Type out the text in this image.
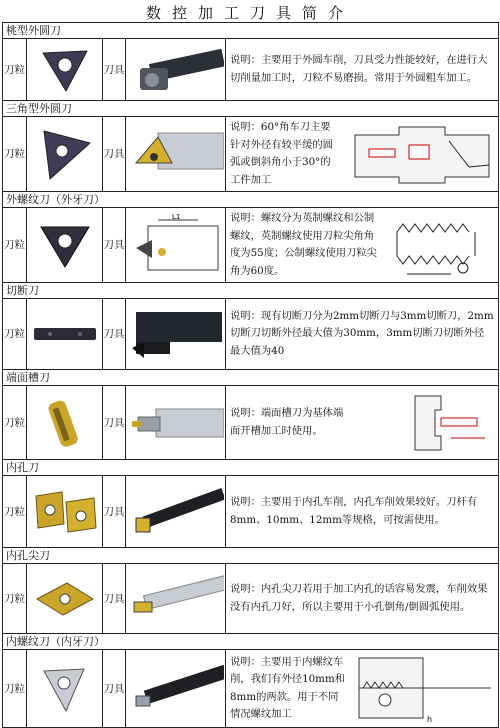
数控加工刀具简介
桃型外圆刀				

刀粒		刀具		说明：主要用于外圆车削，刀具受力性能较好，在进行大切削量加工时，刀粒不易磨损。常用于外圆粗车加工。

三角型外圆刀				

刀粒		刀具		说明：60°角车刀主要针对外径有较平缓的圆弧或倒斜角小于30°的工件加工

外螺纹刀（外牙刀）				

刀粒		刀具	L1	说明：螺纹分为英制螺纹和公制螺纹，英制螺纹使用刀粒尖角角度为55度；公制螺纹使用刀粒尖角为60度。

切断刀				

刀粒		刀具		说明：现有切断刀分为2mm切断刀与3mm切断刀，2mm切断刀切断外径最大值为30mm，3mm切断刀切断外径最大值为40

端面槽刀				

刀粒		刀具		说明：端面槽刀为基体端面开槽加工时使用。

内孔刀				

刀粒		刀具		说明：主要用于内孔车削，内孔车削效果较好。刀杆有8mm、10mm、12mm等规格，可按需使用。

内孔尖刀				

刀粒		刀具		说明：内孔尖刀若用于加工内孔的话容易发震，车削效果没有内孔刀好，所以主要用于小孔倒角/倒圆弧使用。

内螺纹刀（内牙刀）				

刀粒		刀具		说明：主要用于内螺纹车削，我们有外径10mm和8mm的两款。用于不同情况螺纹加工 h
